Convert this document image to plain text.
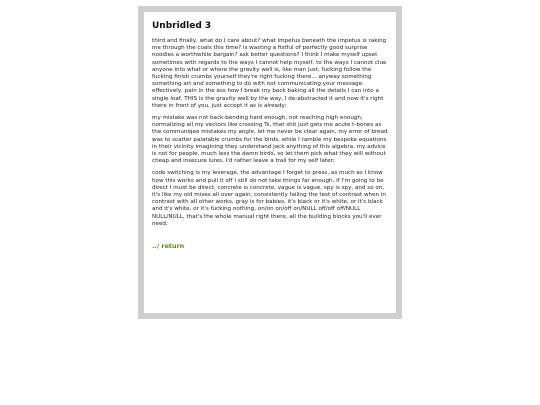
Unbridled 3

third and finally, what do I care about? what impetus beneath the impetus is raking me through the coals this time? is wasting a fistful of perfectly good surprise noodles a worthwhile bargain? ask better questions? I think I make myself upset sometimes with regards to the ways I cannot help myself, to the ways I cannot clue anyone into what or where the gravity well is, like man just, fucking follow the fucking finish crumbs yourself they're right fucking there... anyway something something art and something to do with not communicating your message effectively, pain in the ass how I break my back baking all the details I can into a single loaf, THIS is the gravity well by the way, I de-abstracted it and now it's right there in front of you, just accept it as is already;

my mistake was not back-bending hard enough, not reaching high enough, normalizing all my vectors like crossing Ts, that shit just gets me acute t-bones as the communiqee mistakes my angle, let me never be clear again, my error of bread was to scatter palatable crumbs for the birds, while I ramble my bespoke equations in their vicinity imagining they understand jack anything of this algebra, my advice is not for people, much less the damn birds, so let them pick what they will without cheap and insecure lures, I'd rather leave a trail for my self later;

code switching is my leverage, the advantage I forget to press, as much as I know how this works and pull it off I still do not take things far enough, if I'm going to be direct I must be direct, concrete is concrete, vague is vague, spy is spy, and so on, it's like my old mixes all over again, consistently failing the test of contrast when in contrast with all other works, gray is for babies, it's black or it's white, or it's black and it's white, or it's fucking nothing, on/on on/off on/NULL off/off off/NULL NULL/NULL, that's the whole manual right there, all the building blocks you'll ever need;

../ return
